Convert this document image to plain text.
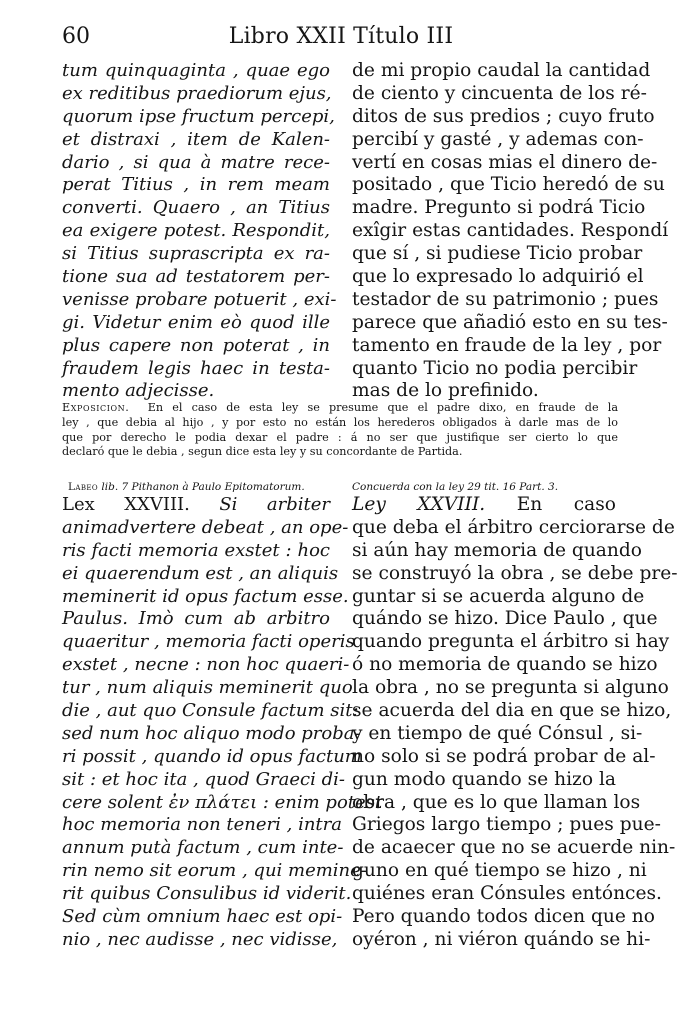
60	Libro XXII Título III
tum quinquaginta , quae ego
ex reditibus praediorum ejus,
quorum ipse fructum percepi,
et distraxi , item de Kalen-
dario , si qua à matre rece-
perat Titius , in rem meam
converti. Quaero , an Titius
ea exigere potest. Respondit,
si Titius suprascripta ex ra-
tione sua ad testatorem per-
venisse probare potuerit , exi-
gi. Videtur enim eò quod ille
plus capere non poterat , in
fraudem legis haec in testa-
mento adjecisse.
de mi propio caudal la cantidad
de ciento y cincuenta de los ré-
ditos de sus predios ; cuyo fruto
percibí y gasté , y ademas con-
vertí en cosas mias el dinero de-
positado , que Ticio heredó de su
madre. Pregunto si podrá Ticio
exîgir estas cantidades. Respondí
que sí , si pudiese Ticio probar
que lo expresado lo adquirió el
testador de su patrimonio ; pues
parece que añadió esto en su tes-
tamento en fraude de la ley , por
quanto Ticio no podia percibir
mas de lo prefinido.
Exposicion. En el caso de esta ley se presume que el padre dixo, en fraude de la
ley , que debia al hijo , y por esto no están los herederos obligados à darle mas de lo
que por derecho le podia dexar el padre : á no ser que justifique ser cierto lo que
declaró que le debia , segun dice esta ley y su concordante de Partida.
Labeo lib. 7 Pithanon à Paulo Epitomatorum.	Concuerda con la ley 29 tit. 16 Part. 3.
Lex XXVIII. Si arbiter
animadvertere debeat , an ope-
ris facti memoria exstet : hoc
ei quaerendum est , an aliquis
meminerit id opus factum esse.
Paulus. Imò cum ab arbitro
quaeritur , memoria facti operis
exstet , necne : non hoc quaeri-
tur , num aliquis meminerit quo
die , aut quo Consule factum sit:
sed num hoc aliquo modo proba-
ri possit , quando id opus factum
sit : et hoc ita , quod Graeci di-
cere solent ἐν πλάτει : enim potest
hoc memoria non teneri , intra
annum putà factum , cum inte-
rin nemo sit eorum , qui memine-
rit quibus Consulibus id viderit.
Sed cùm omnium haec est opi-
nio , nec audisse , nec vidisse,
Ley XXVIII. En caso
que deba el árbitro cerciorarse de
si aún hay memoria de quando
se construyó la obra , se debe pre-
guntar si se acuerda alguno de
quándo se hizo. Dice Paulo , que
quando pregunta el árbitro si hay
ó no memoria de quando se hizo
la obra , no se pregunta si alguno
se acuerda del dia en que se hizo,
y en tiempo de qué Cónsul , si-
no solo si se podrá probar de al-
gun modo quando se hizo la
obra , que es lo que llaman los
Griegos largo tiempo ; pues pue-
de acaecer que no se acuerde nin-
guno en qué tiempo se hizo , ni
quiénes eran Cónsules entónces.
Pero quando todos dicen que no
oyéron , ni viéron quándo se hi-
